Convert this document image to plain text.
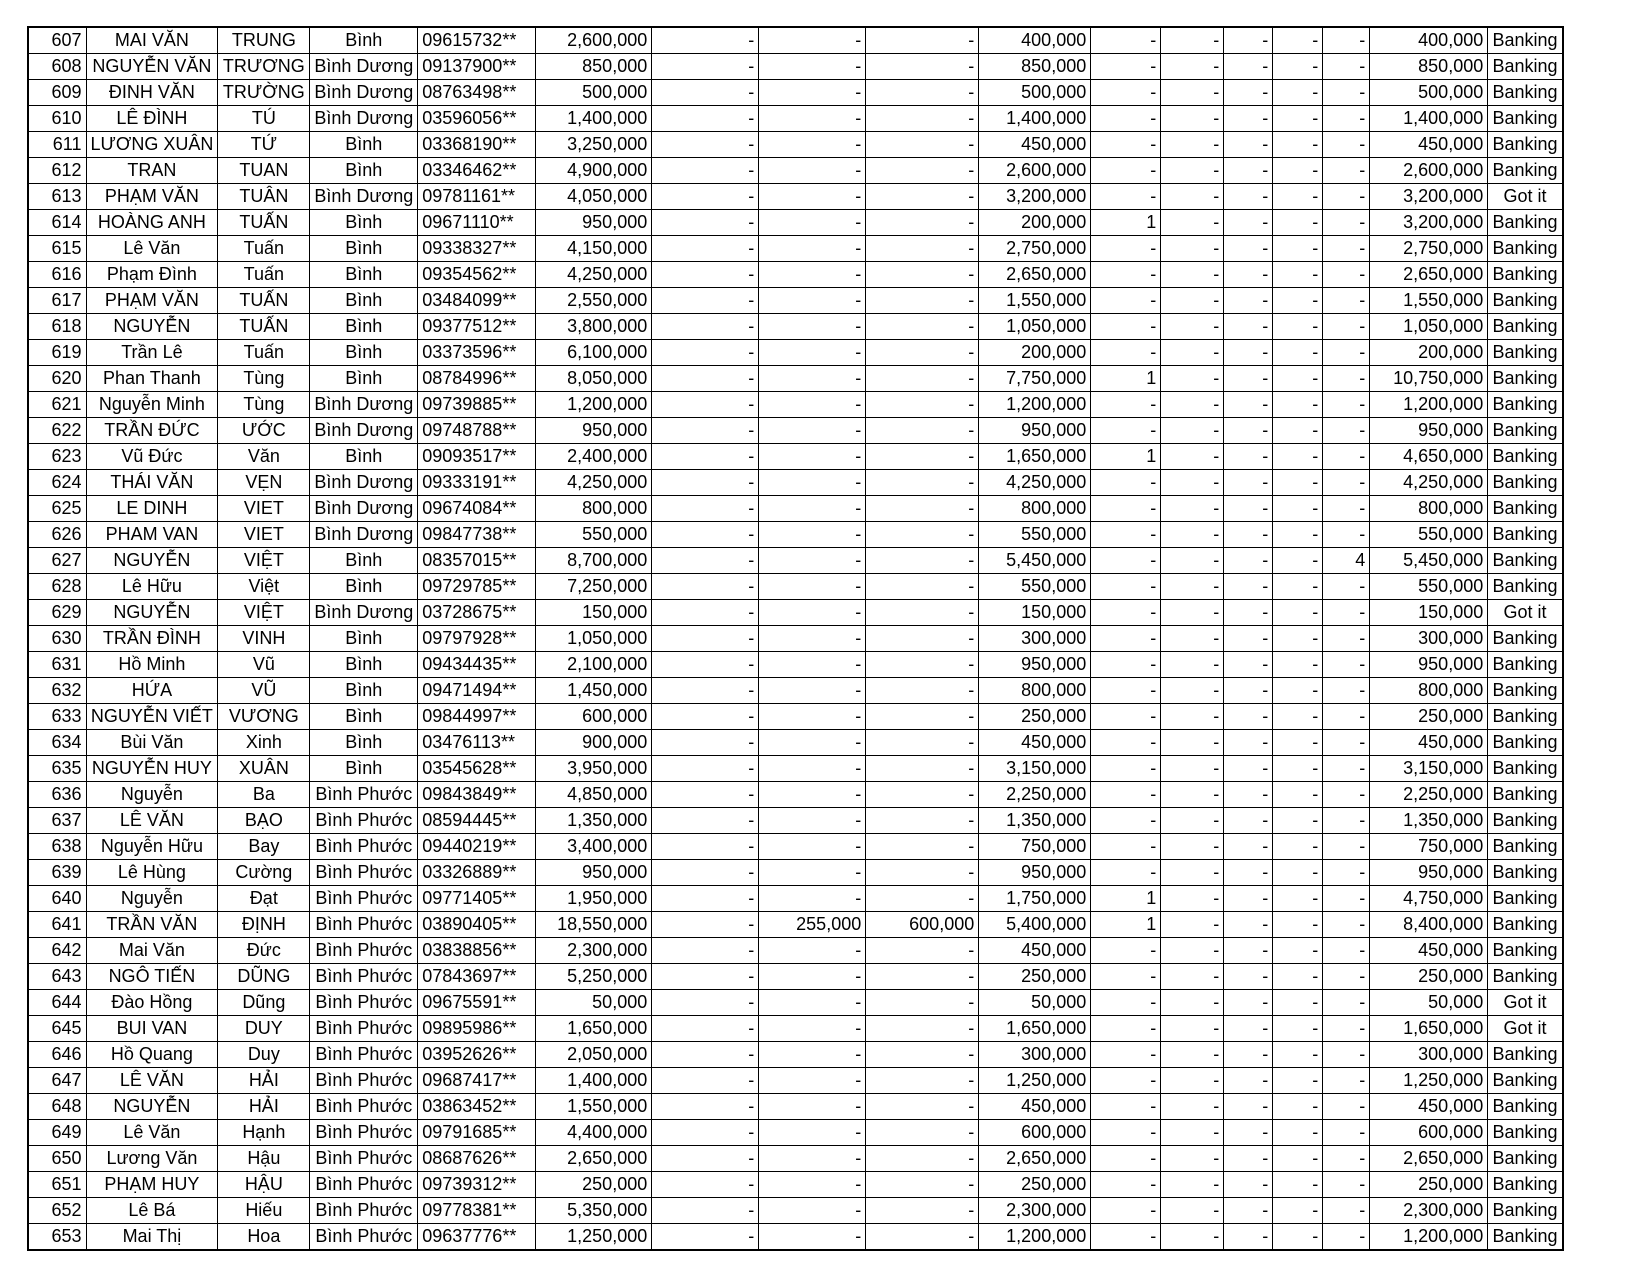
607	MAI VĂN	TRUNG	Bình	09615732**	2,600,000	-	-	-	400,000	-	-	-	-	-	400,000	Banking
608	NGUYỄN VĂN	TRƯƠNG	Bình Dương	09137900**	850,000	-	-	-	850,000	-	-	-	-	-	850,000	Banking
609	ĐINH VĂN	TRƯỜNG	Bình Dương	08763498**	500,000	-	-	-	500,000	-	-	-	-	-	500,000	Banking
610	LÊ ĐÌNH	TÚ	Bình Dương	03596056**	1,400,000	-	-	-	1,400,000	-	-	-	-	-	1,400,000	Banking
611	LƯƠNG XUÂN	TỨ	Bình	03368190**	3,250,000	-	-	-	450,000	-	-	-	-	-	450,000	Banking
612	TRAN	TUAN	Bình	03346462**	4,900,000	-	-	-	2,600,000	-	-	-	-	-	2,600,000	Banking
613	PHẠM VĂN	TUÂN	Bình Dương	09781161**	4,050,000	-	-	-	3,200,000	-	-	-	-	-	3,200,000	Got it
614	HOÀNG ANH	TUẤN	Bình	09671110**	950,000	-	-	-	200,000	1	-	-	-	-	3,200,000	Banking
615	Lê Văn	Tuấn	Bình	09338327**	4,150,000	-	-	-	2,750,000	-	-	-	-	-	2,750,000	Banking
616	Phạm Đình	Tuấn	Bình	09354562**	4,250,000	-	-	-	2,650,000	-	-	-	-	-	2,650,000	Banking
617	PHẠM VĂN	TUẤN	Bình	03484099**	2,550,000	-	-	-	1,550,000	-	-	-	-	-	1,550,000	Banking
618	NGUYỄN	TUẤN	Bình	09377512**	3,800,000	-	-	-	1,050,000	-	-	-	-	-	1,050,000	Banking
619	Trần Lê	Tuấn	Bình	03373596**	6,100,000	-	-	-	200,000	-	-	-	-	-	200,000	Banking
620	Phan Thanh	Tùng	Bình	08784996**	8,050,000	-	-	-	7,750,000	1	-	-	-	-	10,750,000	Banking
621	Nguyễn Minh	Tùng	Bình Dương	09739885**	1,200,000	-	-	-	1,200,000	-	-	-	-	-	1,200,000	Banking
622	TRẦN ĐỨC	ƯỚC	Bình Dương	09748788**	950,000	-	-	-	950,000	-	-	-	-	-	950,000	Banking
623	Vũ Đức	Văn	Bình	09093517**	2,400,000	-	-	-	1,650,000	1	-	-	-	-	4,650,000	Banking
624	THÁI VĂN	VẸN	Bình Dương	09333191**	4,250,000	-	-	-	4,250,000	-	-	-	-	-	4,250,000	Banking
625	LE DINH	VIET	Bình Dương	09674084**	800,000	-	-	-	800,000	-	-	-	-	-	800,000	Banking
626	PHAM VAN	VIET	Bình Dương	09847738**	550,000	-	-	-	550,000	-	-	-	-	-	550,000	Banking
627	NGUYỄN	VIỆT	Bình	08357015**	8,700,000	-	-	-	5,450,000	-	-	-	-	4	5,450,000	Banking
628	Lê Hữu	Việt	Bình	09729785**	7,250,000	-	-	-	550,000	-	-	-	-	-	550,000	Banking
629	NGUYỄN	VIỆT	Bình Dương	03728675**	150,000	-	-	-	150,000	-	-	-	-	-	150,000	Got it
630	TRẦN ĐÌNH	VINH	Bình	09797928**	1,050,000	-	-	-	300,000	-	-	-	-	-	300,000	Banking
631	Hồ Minh	Vũ	Bình	09434435**	2,100,000	-	-	-	950,000	-	-	-	-	-	950,000	Banking
632	HỨA	VŨ	Bình	09471494**	1,450,000	-	-	-	800,000	-	-	-	-	-	800,000	Banking
633	NGUYỄN VIẾT	VƯƠNG	Bình	09844997**	600,000	-	-	-	250,000	-	-	-	-	-	250,000	Banking
634	Bùi Văn	Xinh	Bình	03476113**	900,000	-	-	-	450,000	-	-	-	-	-	450,000	Banking
635	NGUYỄN HUY	XUÂN	Bình	03545628**	3,950,000	-	-	-	3,150,000	-	-	-	-	-	3,150,000	Banking
636	Nguyễn	Ba	Bình Phước	09843849**	4,850,000	-	-	-	2,250,000	-	-	-	-	-	2,250,000	Banking
637	LÊ VĂN	BẠO	Bình Phước	08594445**	1,350,000	-	-	-	1,350,000	-	-	-	-	-	1,350,000	Banking
638	Nguyễn Hữu	Bay	Bình Phước	09440219**	3,400,000	-	-	-	750,000	-	-	-	-	-	750,000	Banking
639	Lê Hùng	Cường	Bình Phước	03326889**	950,000	-	-	-	950,000	-	-	-	-	-	950,000	Banking
640	Nguyễn	Đạt	Bình Phước	09771405**	1,950,000	-	-	-	1,750,000	1	-	-	-	-	4,750,000	Banking
641	TRẦN VĂN	ĐỊNH	Bình Phước	03890405**	18,550,000	-	255,000	600,000	5,400,000	1	-	-	-	-	8,400,000	Banking
642	Mai Văn	Đức	Bình Phước	03838856**	2,300,000	-	-	-	450,000	-	-	-	-	-	450,000	Banking
643	NGÔ TIẾN	DŨNG	Bình Phước	07843697**	5,250,000	-	-	-	250,000	-	-	-	-	-	250,000	Banking
644	Đào Hồng	Dũng	Bình Phước	09675591**	50,000	-	-	-	50,000	-	-	-	-	-	50,000	Got it
645	BUI VAN	DUY	Bình Phước	09895986**	1,650,000	-	-	-	1,650,000	-	-	-	-	-	1,650,000	Got it
646	Hồ Quang	Duy	Bình Phước	03952626**	2,050,000	-	-	-	300,000	-	-	-	-	-	300,000	Banking
647	LÊ VĂN	HẢI	Bình Phước	09687417**	1,400,000	-	-	-	1,250,000	-	-	-	-	-	1,250,000	Banking
648	NGUYỄN	HẢI	Bình Phước	03863452**	1,550,000	-	-	-	450,000	-	-	-	-	-	450,000	Banking
649	Lê Văn	Hạnh	Bình Phước	09791685**	4,400,000	-	-	-	600,000	-	-	-	-	-	600,000	Banking
650	Lương Văn	Hậu	Bình Phước	08687626**	2,650,000	-	-	-	2,650,000	-	-	-	-	-	2,650,000	Banking
651	PHẠM HUY	HẬU	Bình Phước	09739312**	250,000	-	-	-	250,000	-	-	-	-	-	250,000	Banking
652	Lê Bá	Hiếu	Bình Phước	09778381**	5,350,000	-	-	-	2,300,000	-	-	-	-	-	2,300,000	Banking
653	Mai Thị	Hoa	Bình Phước	09637776**	1,250,000	-	-	-	1,200,000	-	-	-	-	-	1,200,000	Banking
